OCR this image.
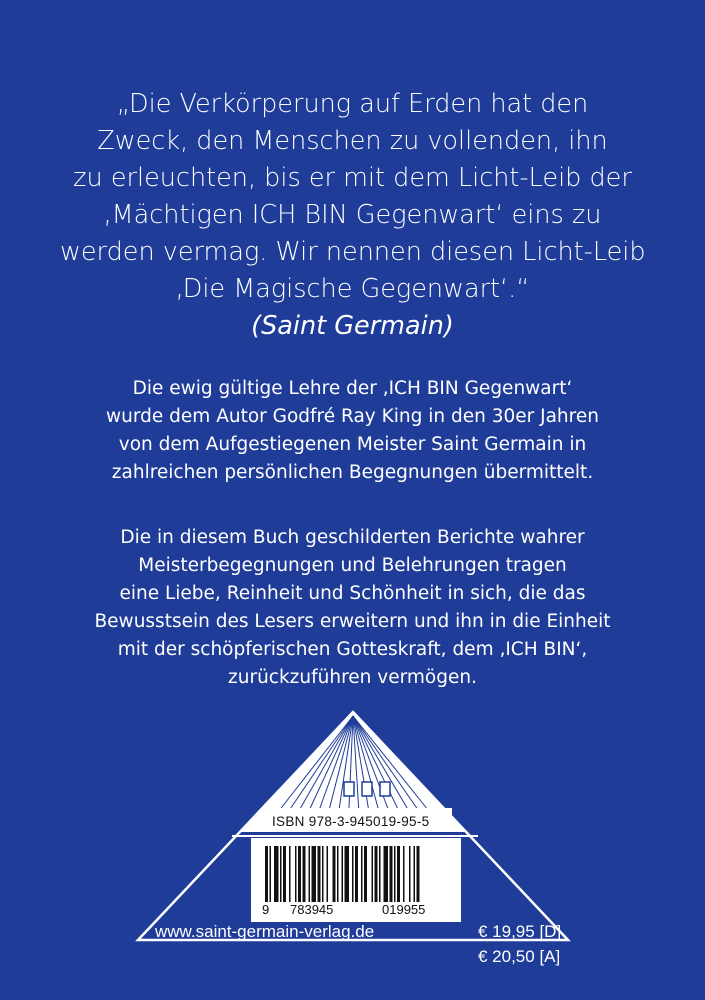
„Die Verkörperung auf Erden hat den
Zweck, den Menschen zu vollenden, ihn
zu erleuchten, bis er mit dem Licht-Leib der
‚Mächtigen ICH BIN Gegenwart‘ eins zu
werden vermag. Wir nennen diesen Licht-Leib
‚Die Magische Gegenwart‘.“
(Saint Germain)
Die ewig gültige Lehre der ‚ICH BIN Gegenwart‘
wurde dem Autor Godfré Ray King in den 30er Jahren
von dem Aufgestiegenen Meister Saint Germain in
zahlreichen persönlichen Begegnungen übermittelt.
Die in diesem Buch geschilderten Berichte wahrer
Meisterbegegnungen und Belehrungen tragen
eine Liebe, Reinheit und Schönheit in sich, die das
Bewusstsein des Lesers erweitern und ihn in die Einheit
mit der schöpferischen Gotteskraft, dem ‚ICH BIN‘,
zurückzuführen vermögen.
ISBN 978-3-945019-95-5
9 783945	019955
www.saint-germain-verlag.de	€ 19,95 [D]
€ 20,50 [A]
